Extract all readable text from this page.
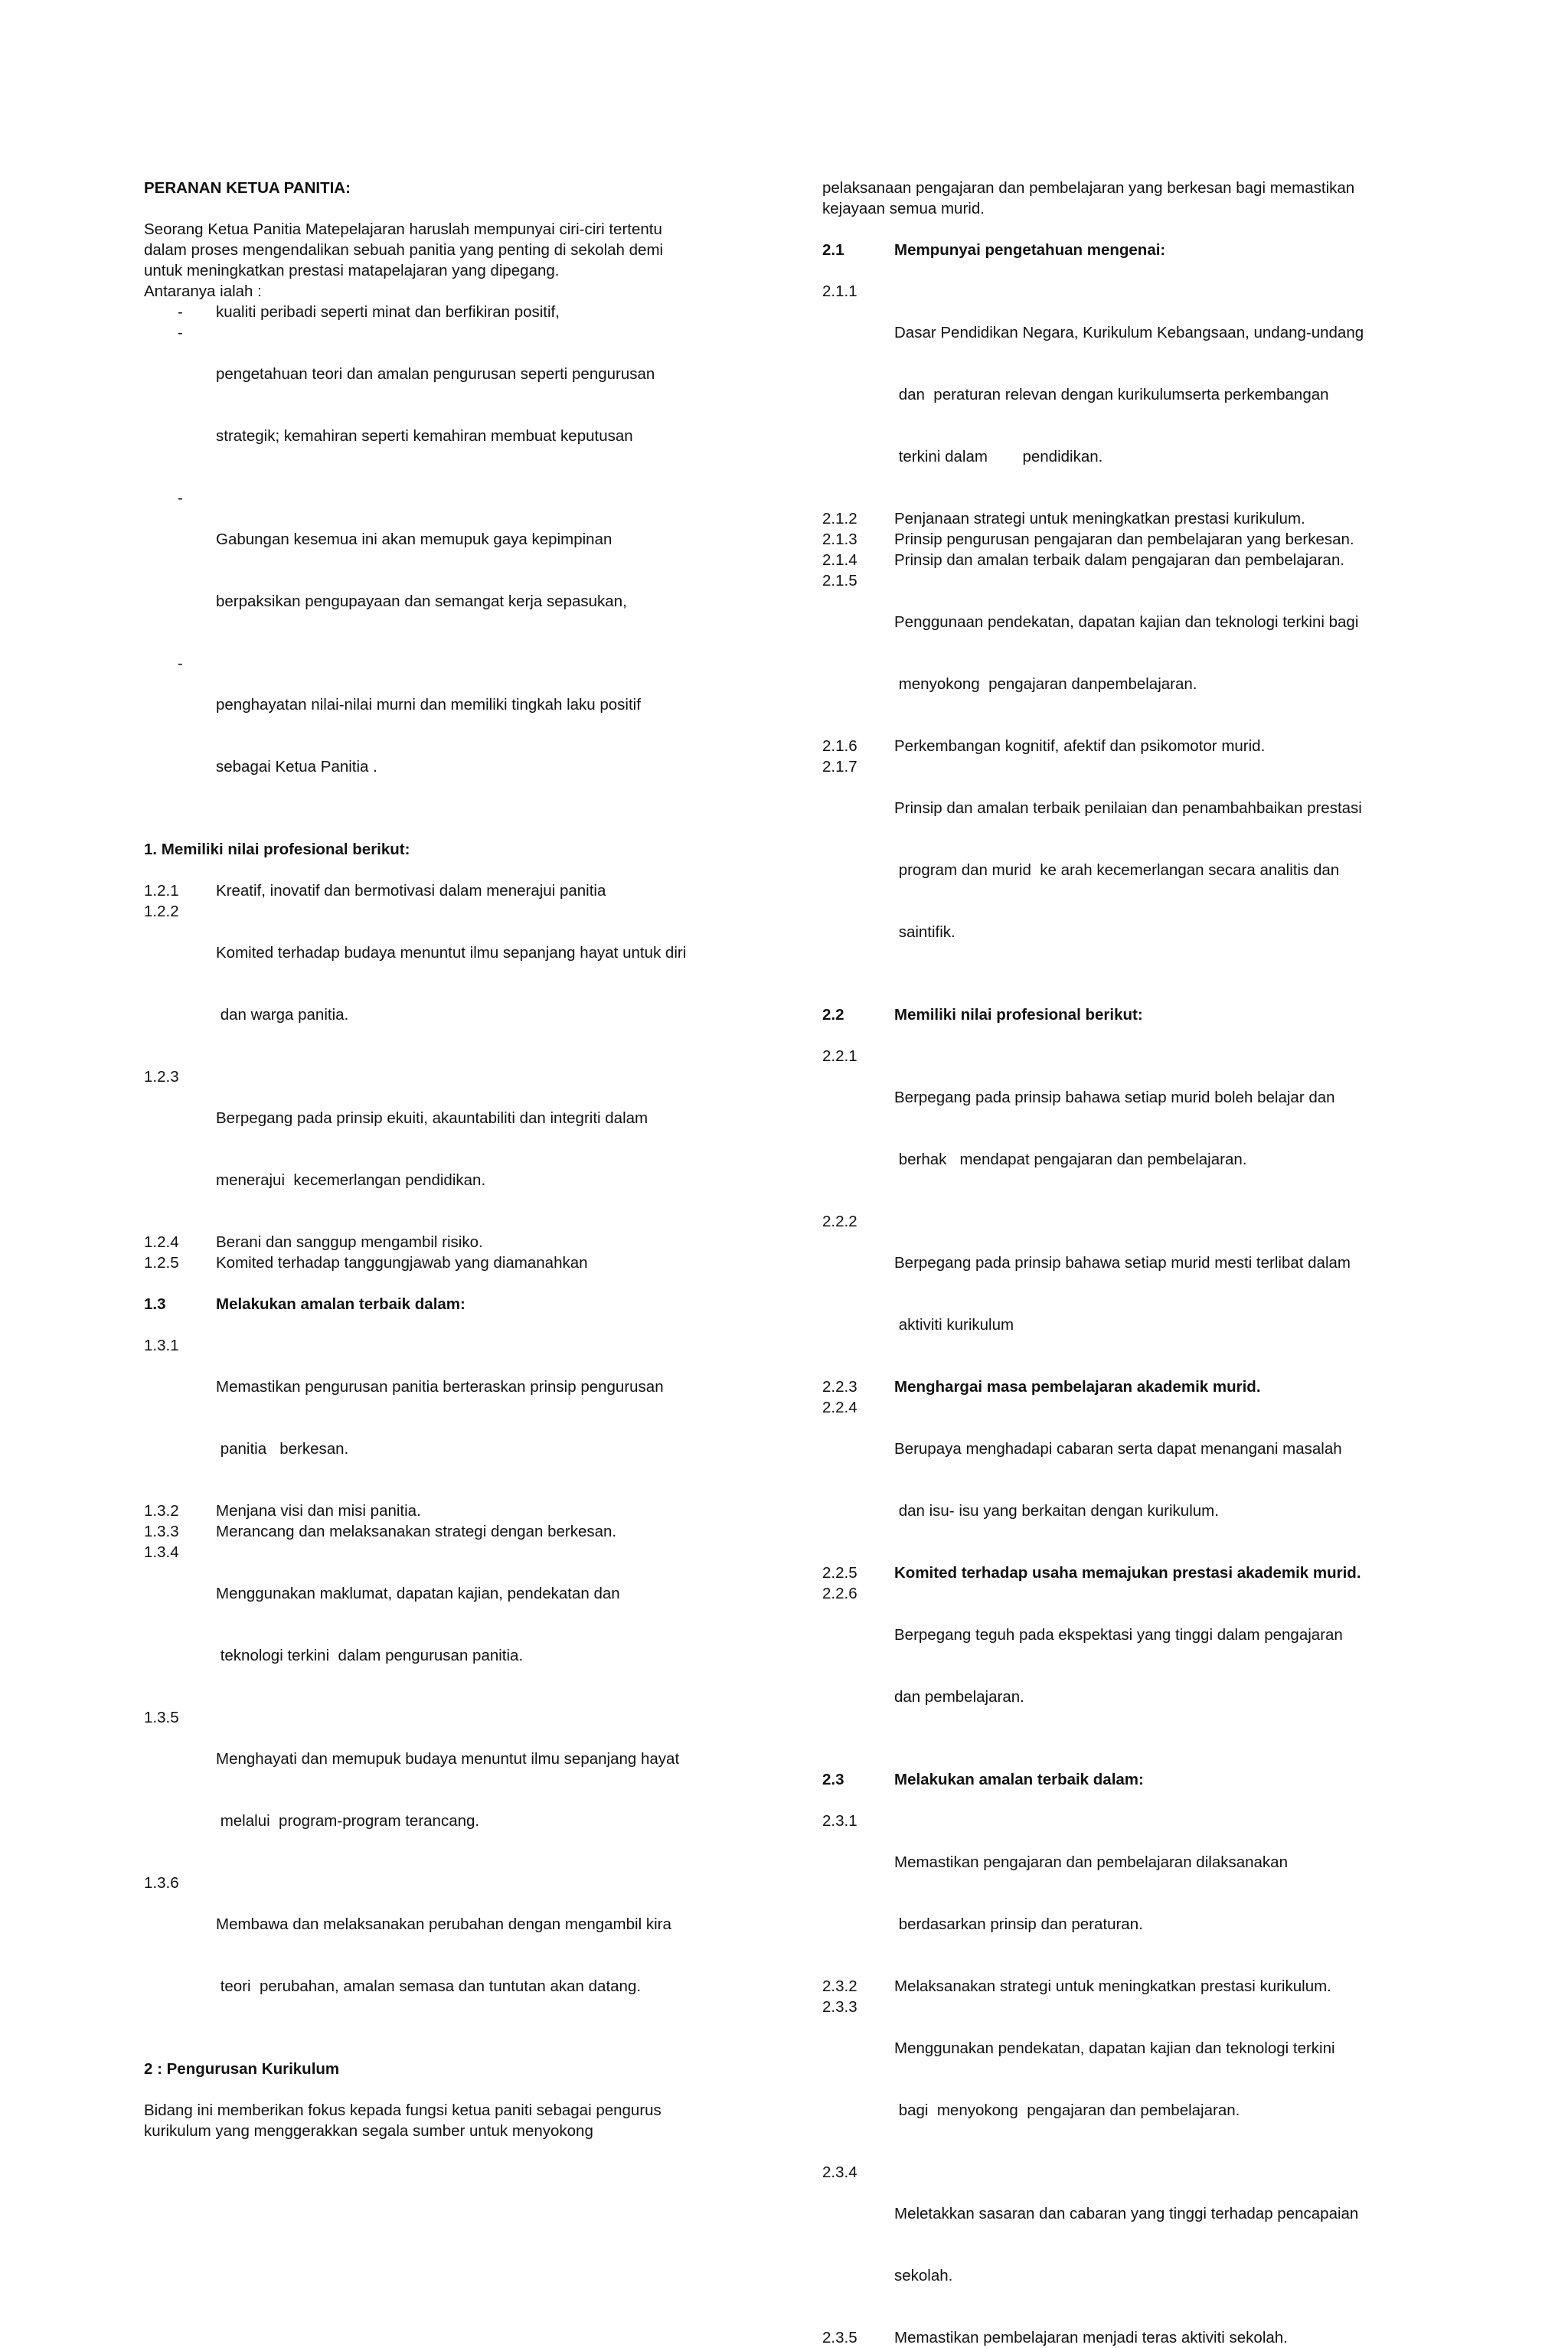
PERANAN KETUA PANITIA:

Seorang Ketua Panitia Matepelajaran haruslah mempunyai ciri-ciri tertentu

dalam proses mengendalikan sebuah panitia yang penting di sekolah demi

untuk meningkatkan prestasi matapelajaran yang dipegang.

Antaranya ialah :

-	kualiti peribadi seperti minat dan berfikiran positif,
-

pengetahuan teori dan amalan pengurusan seperti pengurusan

strategik; kemahiran seperti kemahiran membuat keputusan

-

Gabungan kesemua ini akan memupuk gaya kepimpinan

berpaksikan pengupayaan dan semangat kerja sepasukan,

-

penghayatan nilai-nilai murni dan memiliki tingkah laku positif

sebagai Ketua Panitia .

1. Memiliki nilai profesional berikut:

1.2.1	Kreatif, inovatif dan bermotivasi dalam menerajui panitia
1.2.2

Komited terhadap budaya menuntut ilmu sepanjang hayat untuk diri

dan warga panitia.

1.2.3

Berpegang pada prinsip ekuiti, akauntabiliti dan integriti dalam

menerajui  kecemerlangan pendidikan.

1.2.4	Berani dan sanggup mengambil risiko.
1.2.5	Komited terhadap tanggungjawab yang diamanahkan
1.3	Melakukan amalan terbaik dalam:
1.3.1

Memastikan pengurusan panitia berteraskan prinsip pengurusan

panitia   berkesan.

1.3.2	Menjana visi dan misi panitia.
1.3.3	Merancang dan melaksanakan strategi dengan berkesan.
1.3.4

Menggunakan maklumat, dapatan kajian, pendekatan dan

teknologi terkini  dalam pengurusan panitia.

1.3.5

Menghayati dan memupuk budaya menuntut ilmu sepanjang hayat

melalui  program-program terancang.

1.3.6

Membawa dan melaksanakan perubahan dengan mengambil kira

teori  perubahan, amalan semasa dan tuntutan akan datang.

2 : Pengurusan Kurikulum

Bidang ini memberikan fokus kepada fungsi ketua paniti sebagai pengurus

kurikulum yang menggerakkan segala sumber untuk menyokong

pelaksanaan pengajaran dan pembelajaran yang berkesan bagi memastikan

kejayaan semua murid.

2.1	Mempunyai pengetahuan mengenai:
2.1.1

Dasar Pendidikan Negara, Kurikulum Kebangsaan, undang-undang

dan  peraturan relevan dengan kurikulumserta perkembangan

terkini dalam        pendidikan.

2.1.2	Penjanaan strategi untuk meningkatkan prestasi kurikulum.
2.1.3	Prinsip pengurusan pengajaran dan pembelajaran yang berkesan.
2.1.4	Prinsip dan amalan terbaik dalam pengajaran dan pembelajaran.
2.1.5

Penggunaan pendekatan, dapatan kajian dan teknologi terkini bagi

menyokong  pengajaran danpembelajaran.

2.1.6	Perkembangan kognitif, afektif dan psikomotor murid.
2.1.7

Prinsip dan amalan terbaik penilaian dan penambahbaikan prestasi

program dan murid  ke arah kecemerlangan secara analitis dan

saintifik.

2.2	Memiliki nilai profesional berikut:
2.2.1

Berpegang pada prinsip bahawa setiap murid boleh belajar dan

berhak   mendapat pengajaran dan pembelajaran.

2.2.2

Berpegang pada prinsip bahawa setiap murid mesti terlibat dalam

aktiviti kurikulum

2.2.3	Menghargai masa pembelajaran akademik murid.
2.2.4

Berupaya menghadapi cabaran serta dapat menangani masalah

dan isu- isu yang berkaitan dengan kurikulum.

2.2.5	Komited terhadap usaha memajukan prestasi akademik murid.
2.2.6

Berpegang teguh pada ekspektasi yang tinggi dalam pengajaran

dan pembelajaran.

2.3	Melakukan amalan terbaik dalam:
2.3.1

Memastikan pengajaran dan pembelajaran dilaksanakan

berdasarkan prinsip dan peraturan.

2.3.2	Melaksanakan strategi untuk meningkatkan prestasi kurikulum.
2.3.3

Menggunakan pendekatan, dapatan kajian dan teknologi terkini

bagi  menyokong  pengajaran dan pembelajaran.

2.3.4

Meletakkan sasaran dan cabaran yang tinggi terhadap pencapaian

sekolah.

2.3.5	Memastikan pembelajaran menjadi teras aktiviti sekolah.
